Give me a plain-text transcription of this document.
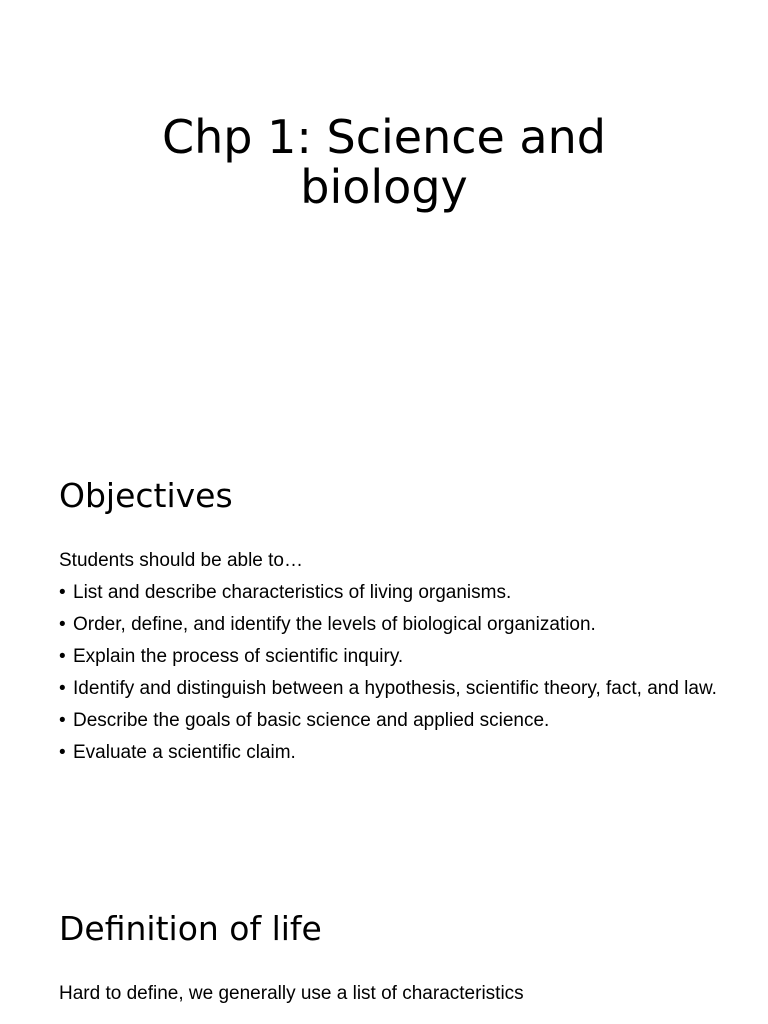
Chp 1: Science and
biology
Objectives

Students should be able to…

• List and describe characteristics of living organisms.
• Order, define, and identify the levels of biological organization.
• Explain the process of scientific inquiry.
• Identify and distinguish between a hypothesis, scientific theory, fact, and law.
• Describe the goals of basic science and applied science.
• Evaluate a scientific claim.
Definition of life

Hard to define, we generally use a list of characteristics
